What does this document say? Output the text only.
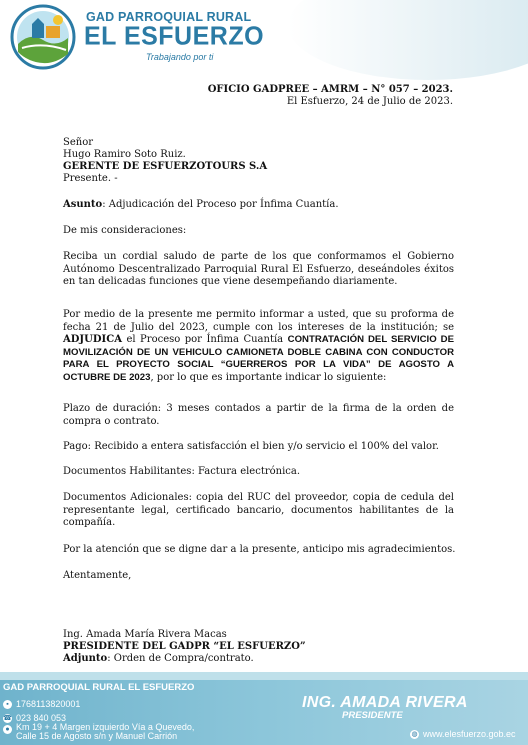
GAD PARROQUIAL RURAL
EL ESFUERZO
Trabajando por ti
OFICIO GADPREE – AMRM – N° 057 – 2023.
El Esfuerzo, 24 de Julio de 2023.
Señor
Hugo Ramiro Soto Ruiz.
GERENTE DE ESFUERZOTOURS S.A
Presente. -
Asunto: Adjudicación del Proceso por Ínfima Cuantía.
De mis consideraciones:
Reciba un cordial saludo de parte de los que conformamos el Gobierno Autónomo Descentralizado Parroquial Rural El Esfuerzo, deseándoles éxitos en tan delicadas funciones que viene desempeñando diariamente.
Por medio de la presente me permito informar a usted, que su proforma de fecha 21 de Julio del 2023, cumple con los intereses de la institución; se ADJUDICA el Proceso por Ínfima Cuantía CONTRATACIÓN DEL SERVICIO DE MOVILIZACIÓN DE UN VEHICULO CAMIONETA DOBLE CABINA CON CONDUCTOR PARA EL PROYECTO SOCIAL “GUERREROS POR LA VIDA” DE AGOSTO A OCTUBRE DE 2023, por lo que es importante indicar lo siguiente:
Plazo de duración: 3 meses contados a partir de la firma de la orden de compra o contrato.
Pago: Recibido a entera satisfacción el bien y/o servicio el 100% del valor.
Documentos Habilitantes: Factura electrónica.
Documentos Adicionales: copia del RUC del proveedor, copia de cedula del representante legal, certificado bancario, documentos habilitantes de la compañía.
Por la atención que se digne dar a la presente, anticipo mis agradecimientos.
Atentamente,
Ing. Amada María Rivera Macas
PRESIDENTE DEL GADPR “EL ESFUERZO”
Adjunto: Orden de Compra/contrato.
GAD PARROQUIAL RURAL EL ESFUERZO
▪ 1768113820001
☎ 023 840 053
● Km 19 + 4 Margen izquierdo Vía a Quevedo,
Calle 15 de Agosto s/n y Manuel Carrión
ING. AMADA RIVERA
PRESIDENTE
◍ www.elesfuerzo.gob.ec
